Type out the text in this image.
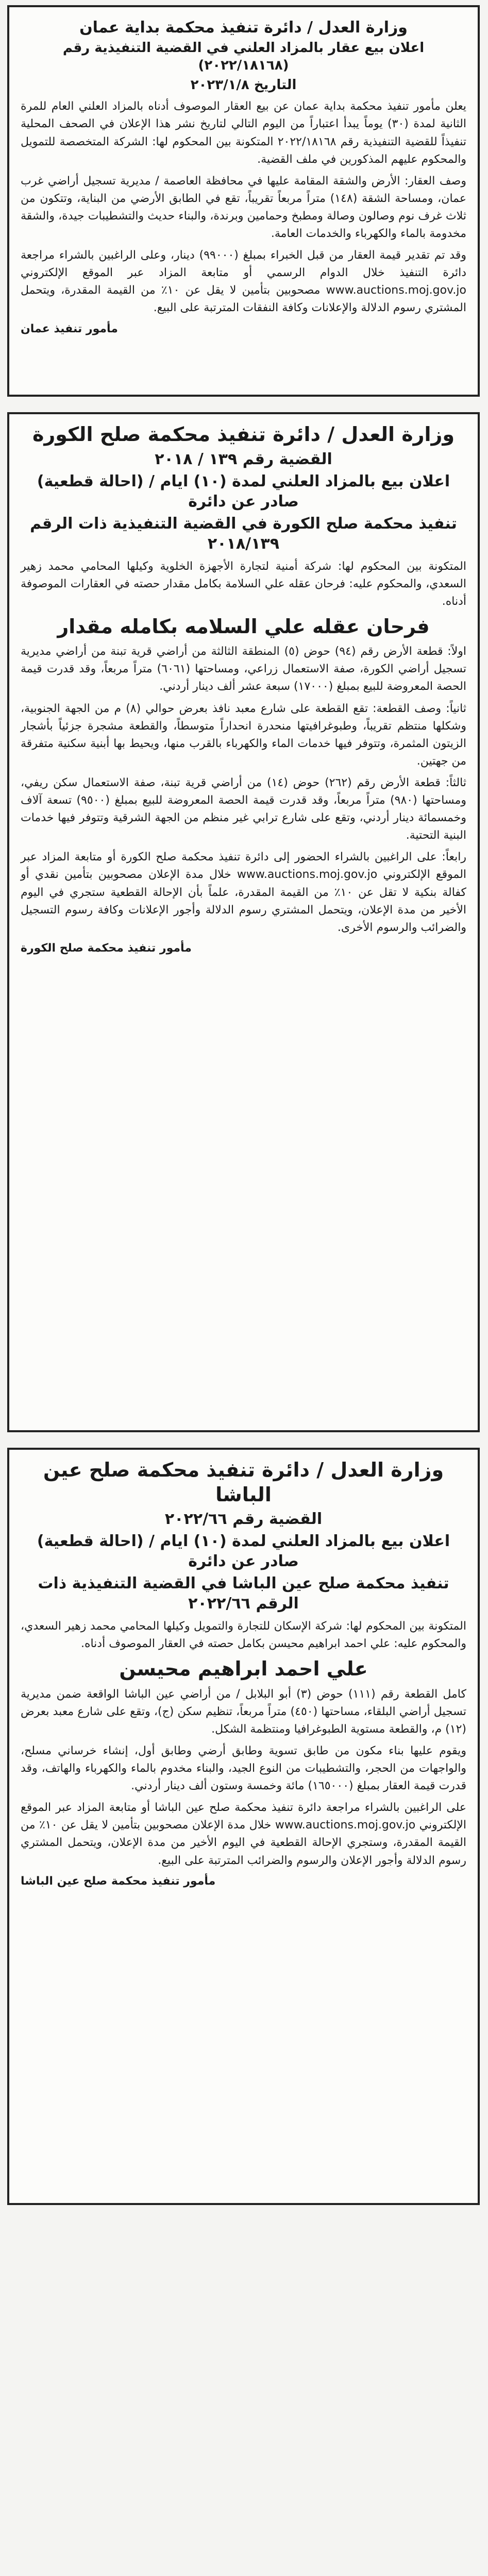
وزارة العدل / دائرة تنفيذ محكمة بداية عمان
اعلان بيع عقار بالمزاد العلني في القضية التنفيذية رقم (٢٠٢٢/١٨١٦٨)
التاريخ ٢٠٢٣/١/٨

يعلن مأمور تنفيذ محكمة بداية عمان عن بيع العقار الموصوف أدناه بالمزاد العلني العام للمرة الثانية لمدة (٣٠) يوماً يبدأ اعتباراً من اليوم التالي لتاريخ نشر هذا الإعلان في الصحف المحلية تنفيذاً للقضية التنفيذية رقم ٢٠٢٢/١٨١٦٨ المتكونة بين المحكوم لها: الشركة المتخصصة للتمويل والمحكوم عليهم المذكورين في ملف القضية.

وصف العقار: الأرض والشقة المقامة عليها في محافظة العاصمة / مديرية تسجيل أراضي غرب عمان، ومساحة الشقة (١٤٨) متراً مربعاً تقريباً، تقع في الطابق الأرضي من البناية، وتتكون من ثلاث غرف نوم وصالون وصالة ومطبخ وحمامين وبرندة، والبناء حديث والتشطيبات جيدة، والشقة مخدومة بالماء والكهرباء والخدمات العامة.

وقد تم تقدير قيمة العقار من قبل الخبراء بمبلغ (٩٩٠٠٠) دينار، وعلى الراغبين بالشراء مراجعة دائرة التنفيذ خلال الدوام الرسمي أو متابعة المزاد عبر الموقع الإلكتروني www.auctions.moj.gov.jo مصحوبين بتأمين لا يقل عن ١٠٪ من القيمة المقدرة، ويتحمل المشتري رسوم الدلالة والإعلانات وكافة النفقات المترتبة على البيع.

مأمور تنفيذ عمان
وزارة العدل / دائرة تنفيذ محكمة صلح الكورة
القضية رقم ١٣٩ / ٢٠١٨
اعلان بيع بالمزاد العلني لمدة (١٠) ايام / (احالة قطعية) صادر عن دائرة
تنفيذ محكمة صلح الكورة في القضية التنفيذية ذات الرقم ٢٠١٨/١٣٩

المتكونة بين المحكوم لها: شركة أمنية لتجارة الأجهزة الخلوية وكيلها المحامي محمد زهير السعدي، والمحكوم عليه: فرحان عقله علي السلامة بكامل مقدار حصته في العقارات الموصوفة أدناه.

فرحان عقله علي السلامه بكامله مقدار

اولاً: قطعة الأرض رقم (٩٤) حوض (٥) المنطقة الثالثة من أراضي قرية تبنة من أراضي مديرية تسجيل أراضي الكورة، صفة الاستعمال زراعي، ومساحتها (٦٠٦١) متراً مربعاً، وقد قدرت قيمة الحصة المعروضة للبيع بمبلغ (١٧٠٠٠) سبعة عشر ألف دينار أردني.

ثانياً: وصف القطعة: تقع القطعة على شارع معبد نافذ بعرض حوالي (٨) م من الجهة الجنوبية، وشكلها منتظم تقريباً، وطبوغرافيتها منحدرة انحداراً متوسطاً، والقطعة مشجرة جزئياً بأشجار الزيتون المثمرة، وتتوفر فيها خدمات الماء والكهرباء بالقرب منها، ويحيط بها أبنية سكنية متفرقة من جهتين.

ثالثاً: قطعة الأرض رقم (٢٦٢) حوض (١٤) من أراضي قرية تبنة، صفة الاستعمال سكن ريفي، ومساحتها (٩٨٠) متراً مربعاً، وقد قدرت قيمة الحصة المعروضة للبيع بمبلغ (٩٥٠٠) تسعة آلاف وخمسمائة دينار أردني، وتقع على شارع ترابي غير منظم من الجهة الشرقية وتتوفر فيها خدمات البنية التحتية.

رابعاً: على الراغبين بالشراء الحضور إلى دائرة تنفيذ محكمة صلح الكورة أو متابعة المزاد عبر الموقع الإلكتروني www.auctions.moj.gov.jo خلال مدة الإعلان مصحوبين بتأمين نقدي أو كفالة بنكية لا تقل عن ١٠٪ من القيمة المقدرة، علماً بأن الإحالة القطعية ستجري في اليوم الأخير من مدة الإعلان، ويتحمل المشتري رسوم الدلالة وأجور الإعلانات وكافة رسوم التسجيل والضرائب والرسوم الأخرى.

مأمور تنفيذ محكمة صلح الكورة
وزارة العدل / دائرة تنفيذ محكمة صلح عين الباشا
القضية رقم ٢٠٢٢/٦٦
اعلان بيع بالمزاد العلني لمدة (١٠) ايام / (احالة قطعية) صادر عن دائرة
تنفيذ محكمة صلح عين الباشا في القضية التنفيذية ذات الرقم ٢٠٢٢/٦٦

المتكونة بين المحكوم لها: شركة الإسكان للتجارة والتمويل وكيلها المحامي محمد زهير السعدي، والمحكوم عليه: علي احمد ابراهيم محيسن بكامل حصته في العقار الموصوف أدناه.

علي احمد ابراهيم محيسن

كامل القطعة رقم (١١١) حوض (٣) أبو البلابل / من أراضي عين الباشا الواقعة ضمن مديرية تسجيل أراضي البلقاء، مساحتها (٤٥٠) متراً مربعاً، تنظيم سكن (ج)، وتقع على شارع معبد بعرض (١٢) م، والقطعة مستوية الطبوغرافيا ومنتظمة الشكل.

ويقوم عليها بناء مكون من طابق تسوية وطابق أرضي وطابق أول، إنشاء خرساني مسلح، والواجهات من الحجر، والتشطيبات من النوع الجيد، والبناء مخدوم بالماء والكهرباء والهاتف، وقد قدرت قيمة العقار بمبلغ (١٦٥٠٠٠) مائة وخمسة وستون ألف دينار أردني.

على الراغبين بالشراء مراجعة دائرة تنفيذ محكمة صلح عين الباشا أو متابعة المزاد عبر الموقع الإلكتروني www.auctions.moj.gov.jo خلال مدة الإعلان مصحوبين بتأمين لا يقل عن ١٠٪ من القيمة المقدرة، وستجري الإحالة القطعية في اليوم الأخير من مدة الإعلان، ويتحمل المشتري رسوم الدلالة وأجور الإعلان والرسوم والضرائب المترتبة على البيع.

مأمور تنفيذ محكمة صلح عين الباشا
